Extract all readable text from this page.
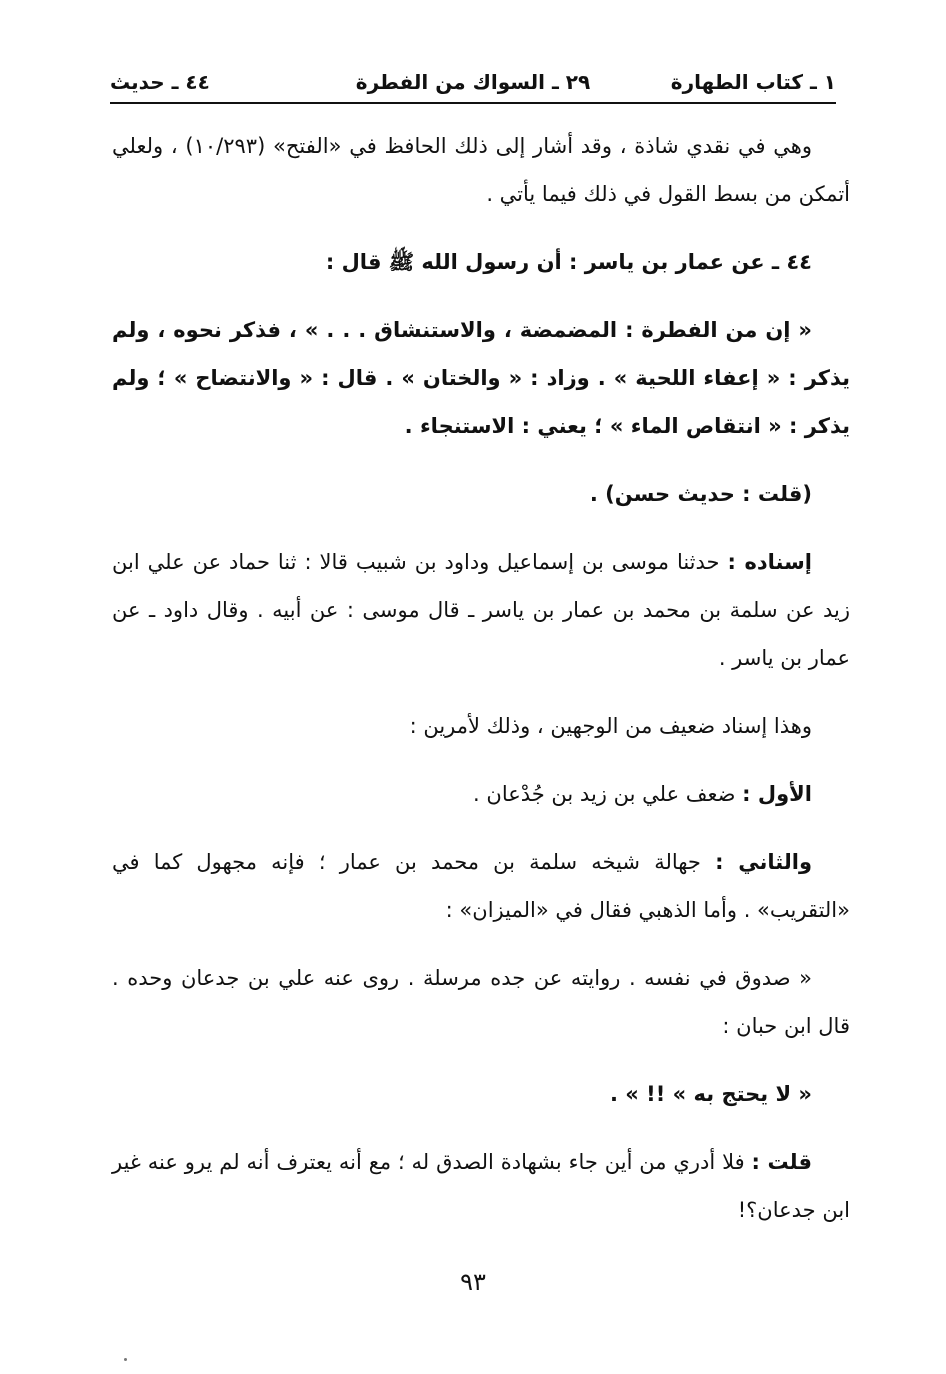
١ ـ كتاب الطهارة
٢٩ ـ السواك من الفطرة
٤٤ ـ حديث

وهي في نقدي شاذة ، وقد أشار إلى ذلك الحافظ في «الفتح» (١٠/٢٩٣) ، ولعلي أتمكن من بسط القول في ذلك فيما يأتي .

٤٤ ـ عن عمار بن ياسر : أن رسول الله ﷺ قال :

« إن من الفطرة : المضمضة ، والاستنشاق . . . » ، فذكر نحوه ، ولم يذكر : « إعفاء اللحية » . وزاد : « والختان » . قال : « والانتضاح » ؛ ولم يذكر : « انتقاص الماء » ؛ يعني : الاستنجاء .

(قلت : حديث حسن) .

إسناده : حدثنا موسى بن إسماعيل وداود بن شبيب قالا : ثنا حماد عن علي ابن زيد عن سلمة بن محمد بن عمار بن ياسر ـ قال موسى : عن أبيه . وقال داود ـ عن عمار بن ياسر .

وهذا إسناد ضعيف من الوجهين ، وذلك لأمرين :

الأول : ضعف علي بن زيد بن جُدْعان .

والثاني : جهالة شيخه سلمة بن محمد بن عمار ؛ فإنه مجهول كما في «التقريب» . وأما الذهبي فقال في «الميزان» :

« صدوق في نفسه . روايته عن جده مرسلة . روى عنه علي بن جدعان وحده . قال ابن حبان :

« لا يحتج به » !! » .

قلت : فلا أدري من أين جاء بشهادة الصدق له ؛ مع أنه يعترف أنه لم يرو عنه غير ابن جدعان؟!

٩٣
